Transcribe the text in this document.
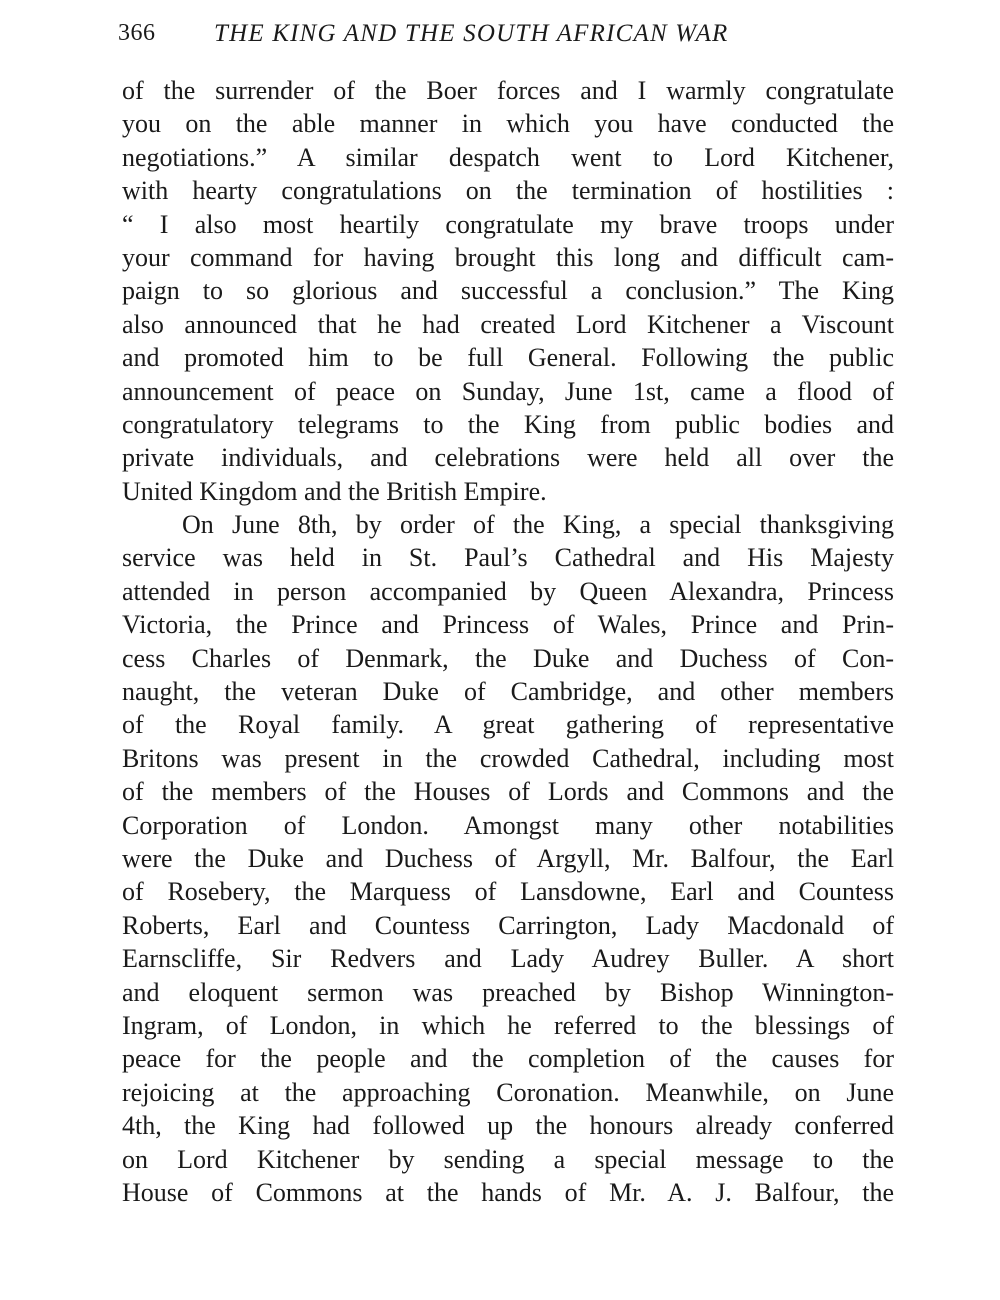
366 THE KING AND THE SOUTH AFRICAN WAR
of the surrender of the Boer forces and I warmly congratulate
you on the able manner in which you have conducted the
negotiations.” A similar despatch went to Lord Kitchener,
with hearty congratulations on the termination of hostilities :
“ I also most heartily congratulate my brave troops under
your command for having brought this long and difficult cam-
paign to so glorious and successful a conclusion.” The King
also announced that he had created Lord Kitchener a Viscount
and promoted him to be full General. Following the public
announcement of peace on Sunday, June 1st, came a flood of
congratulatory telegrams to the King from public bodies and
private individuals, and celebrations were held all over the
United Kingdom and the British Empire.
On June 8th, by order of the King, a special thanksgiving
service was held in St. Paul’s Cathedral and His Majesty
attended in person accompanied by Queen Alexandra, Princess
Victoria, the Prince and Princess of Wales, Prince and Prin-
cess Charles of Denmark, the Duke and Duchess of Con-
naught, the veteran Duke of Cambridge, and other members
of the Royal family. A great gathering of representative
Britons was present in the crowded Cathedral, including most
of the members of the Houses of Lords and Commons and the
Corporation of London. Amongst many other notabilities
were the Duke and Duchess of Argyll, Mr. Balfour, the Earl
of Rosebery, the Marquess of Lansdowne, Earl and Countess
Roberts, Earl and Countess Carrington, Lady Macdonald of
Earnscliffe, Sir Redvers and Lady Audrey Buller. A short
and eloquent sermon was preached by Bishop Winnington-
Ingram, of London, in which he referred to the blessings of
peace for the people and the completion of the causes for
rejoicing at the approaching Coronation. Meanwhile, on June
4th, the King had followed up the honours already conferred
on Lord Kitchener by sending a special message to the
House of Commons at the hands of Mr. A. J. Balfour, the
